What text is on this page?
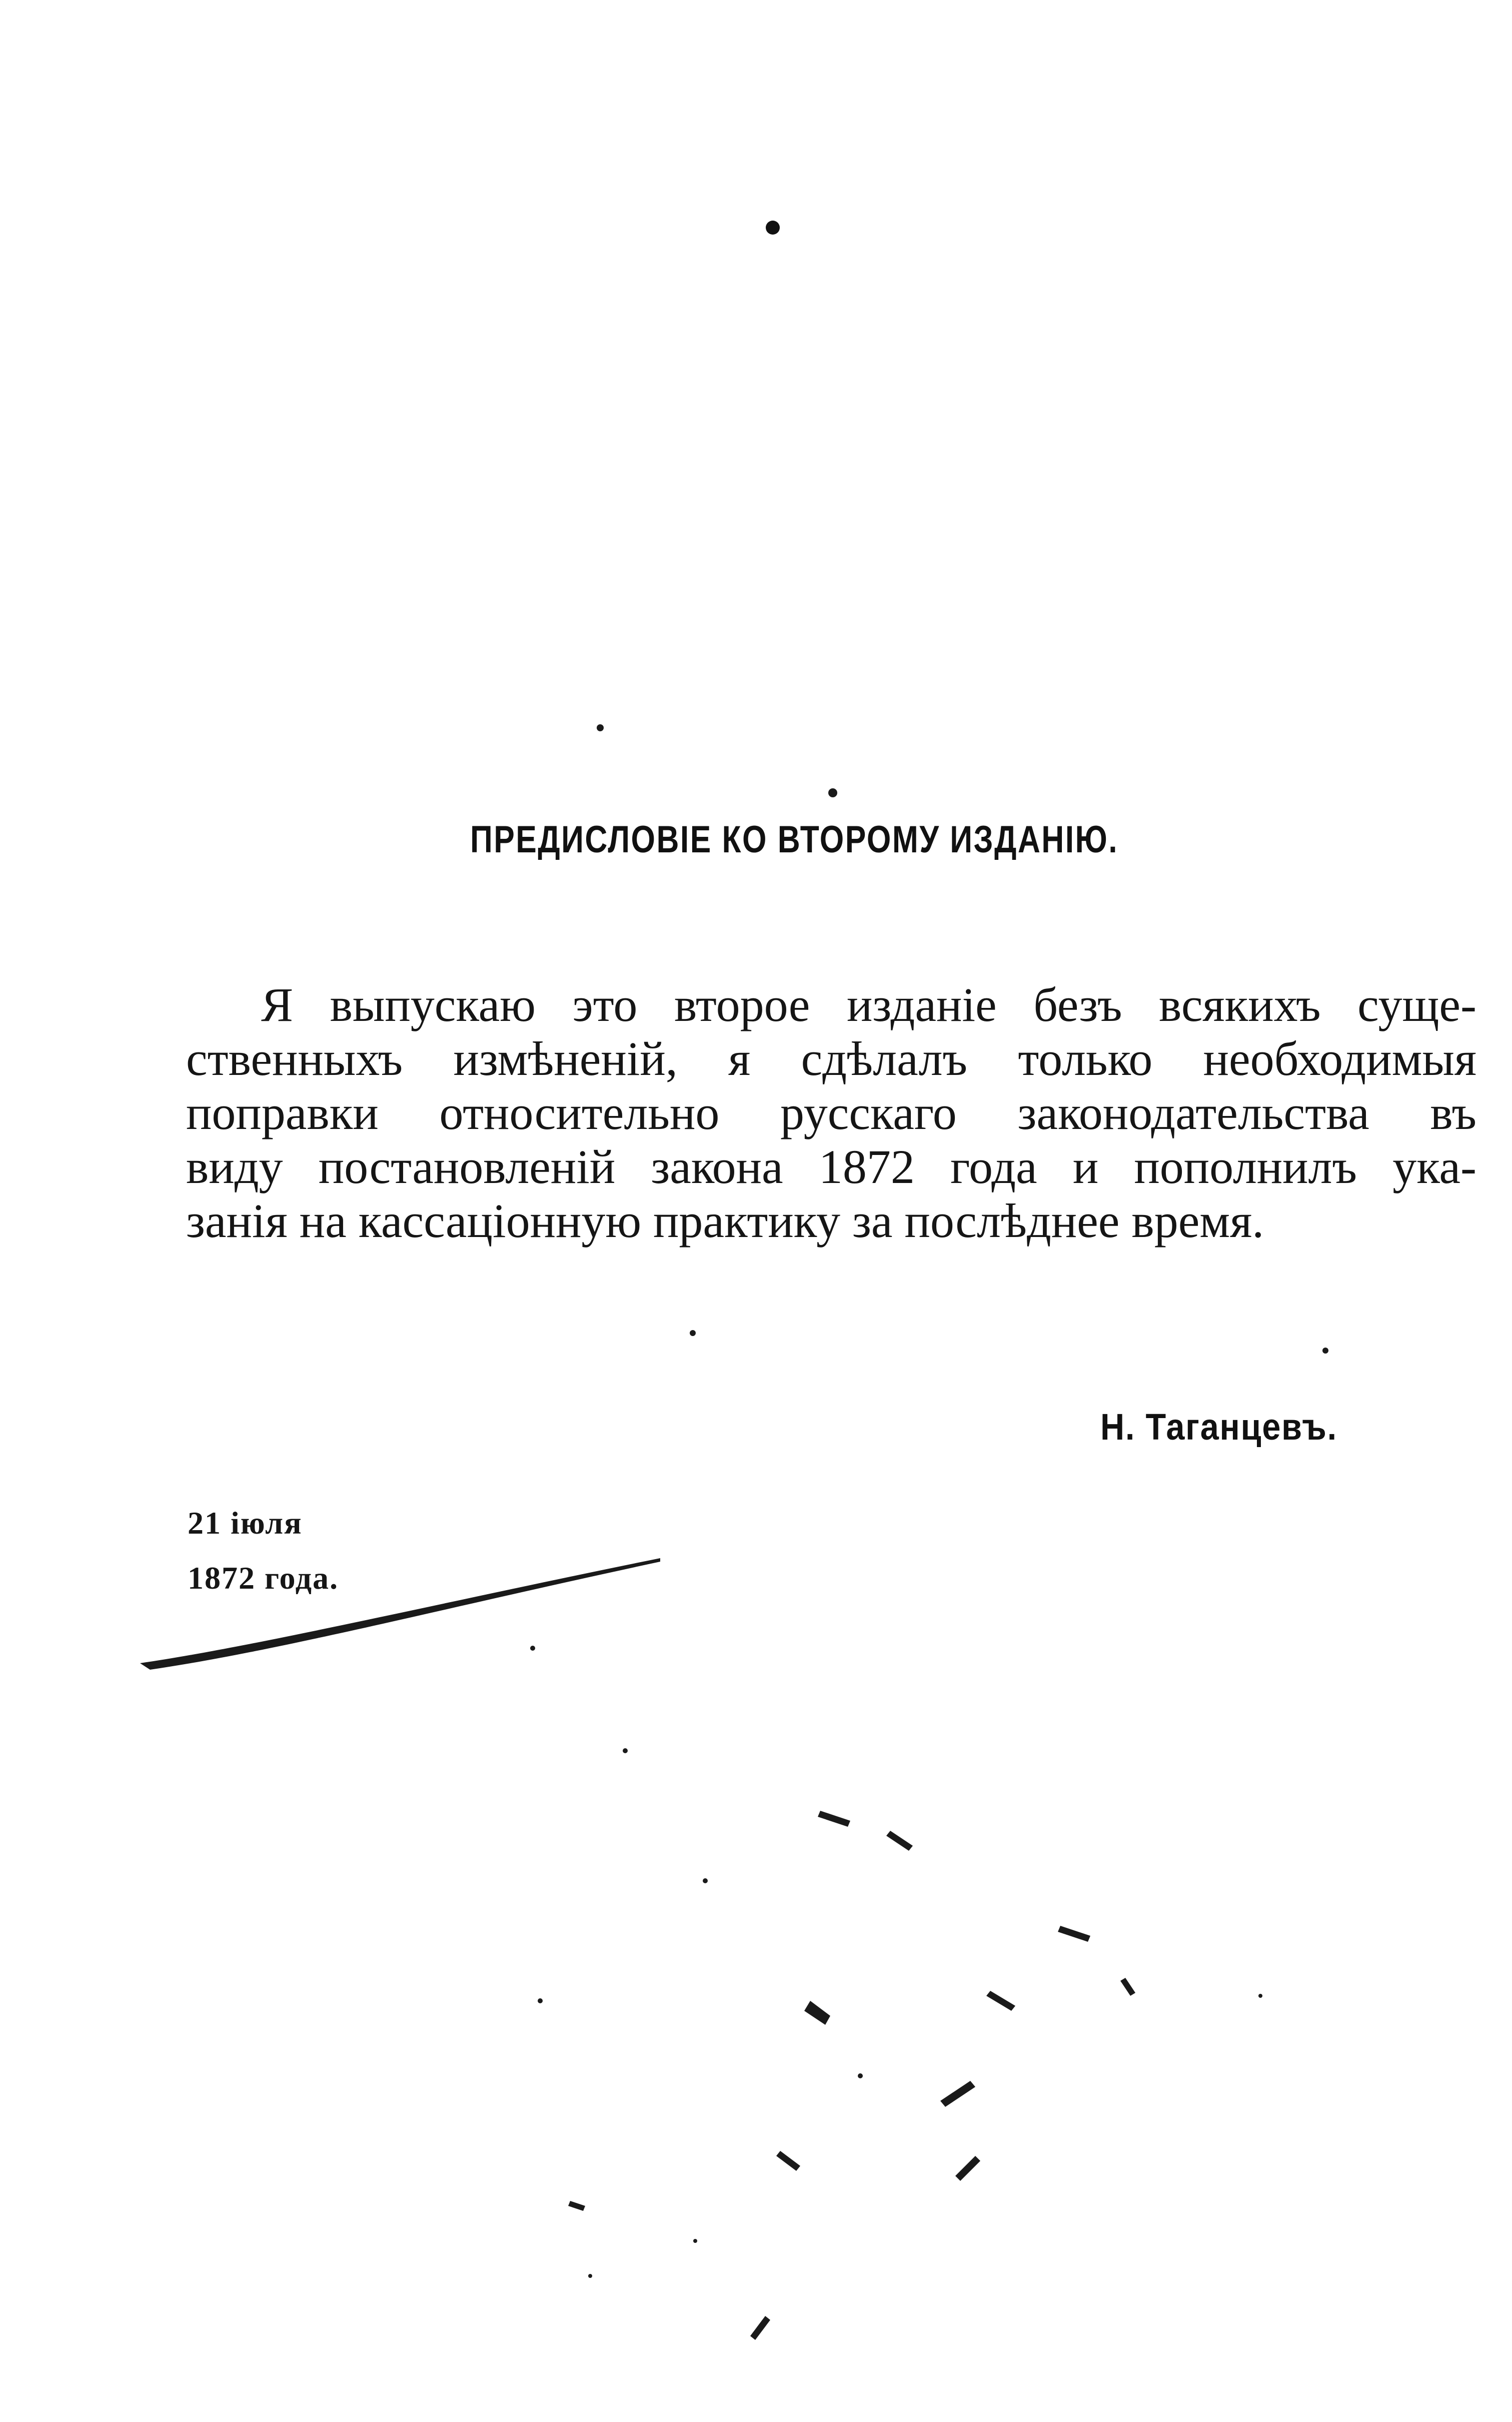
ПРЕДИСЛОВІЕ КО ВТОРОМУ ИЗДАНІЮ.
Я выпускаю это второе изданіе безъ всякихъ суще-
ственныхъ измѣненій, я сдѣлалъ только необходимыя
поправки относительно русскаго законодательства въ
виду постановленій закона 1872 года и пополнилъ ука-
занія на кассаціонную практику за послѣднее время.
Н. Таганцевъ.
21 іюля
1872 года.
